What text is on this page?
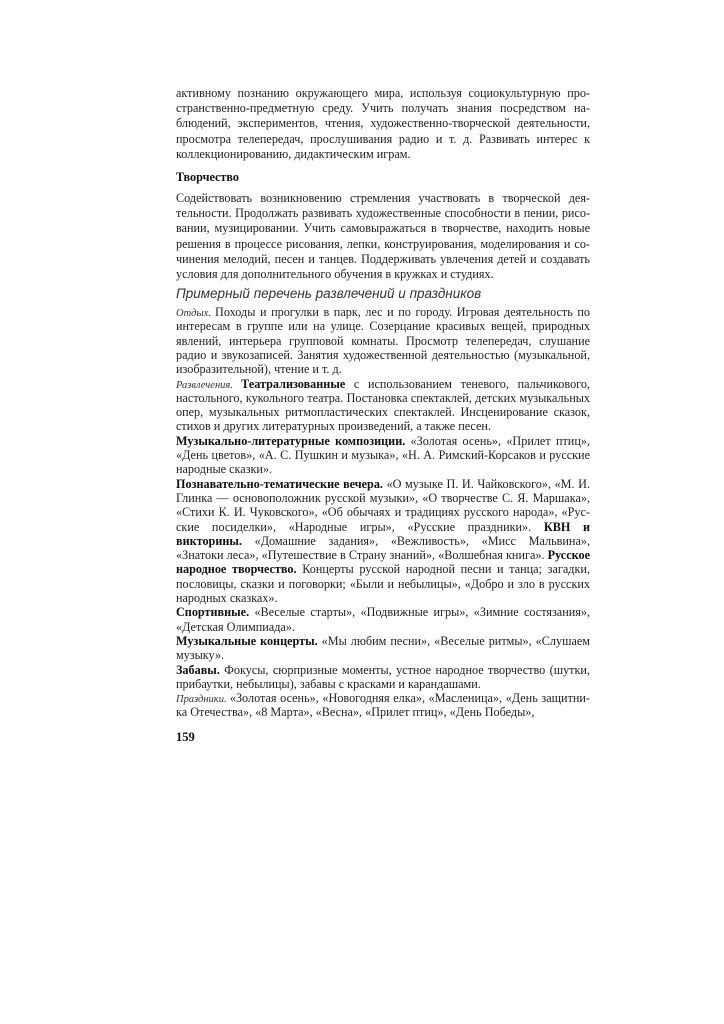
Творчество
Примерный перечень развлечений и праздников
159
активному познанию окружающего мира, используя социокультурную про-
странственно-предметную среду. Учить получать знания посредством на-
блюдений, экспериментов, чтения, художественно-творческой деятельности,
просмотра телепередач, прослушивания радио и т. д. Развивать интерес к
коллекционированию, дидактическим играм.
Содействовать возникновению стремления участвовать в творческой дея-
тельности. Продолжать развивать художественные способности в пении, рисо-
вании, музицировании. Учить самовыражаться в творчестве, находить новые
решения в процессе рисования, лепки, конструирования, моделирования и со-
чинения мелодий, песен и танцев. Поддерживать увлечения детей и создавать
условия для дополнительного обучения в кружках и студиях.
Отдых. Походы и прогулки в парк, лес и по городу. Игровая деятельность по
интересам в группе или на улице. Созерцание красивых вещей, природных
явлений, интерьера групповой комнаты. Просмотр телепередач, слушание
радио и звукозаписей. Занятия художественной деятельностью (музыкальной,
изобразительной), чтение и т. д.
Развлечения. Театрализованные с использованием теневого, пальчикового,
настольного, кукольного театра. Постановка спектаклей, детских музыкальных
опер, музыкальных ритмопластических спектаклей. Инсценирование сказок,
стихов и других литературных произведений, а также песен.
Музыкально-литературные композиции. «Золотая осень», «Прилет птиц»,
«День цветов», «А. С. Пушкин и музыка», «Н. А. Римский-Корсаков и русские
народные сказки».
Познавательно-тематические вечера. «О музыке П. И. Чайковского», «М. И.
Глинка — основоположник русской музыки», «О творчестве С. Я. Маршака»,
«Стихи К. И. Чуковского», «Об обычаях и традициях русского народа», «Рус-
ские посиделки», «Народные игры», «Русские праздники». КВН и
викторины. «Домашние задания», «Вежливость», «Мисс Мальвина»,
«Знатоки леса», «Путешествие в Страну знаний», «Волшебная книга». Русское
народное творчество. Концерты русской народной песни и танца; загадки,
пословицы, сказки и поговорки; «Были и небылицы», «Добро и зло в русских
народных сказках».
Спортивные. «Веселые старты», «Подвижные игры», «Зимние состязания»,
«Детская Олимпиада».
Музыкальные концерты. «Мы любим песни», «Веселые ритмы», «Слушаем
музыку».
Забавы. Фокусы, сюрпризные моменты, устное народное творчество (шутки,
прибаутки, небылицы), забавы с красками и карандашами.
Праздники. «Золотая осень», «Новогодняя елка», «Масленица», «День защитни-
ка Отечества», «8 Марта», «Весна», «Прилет птиц», «День Победы»,
